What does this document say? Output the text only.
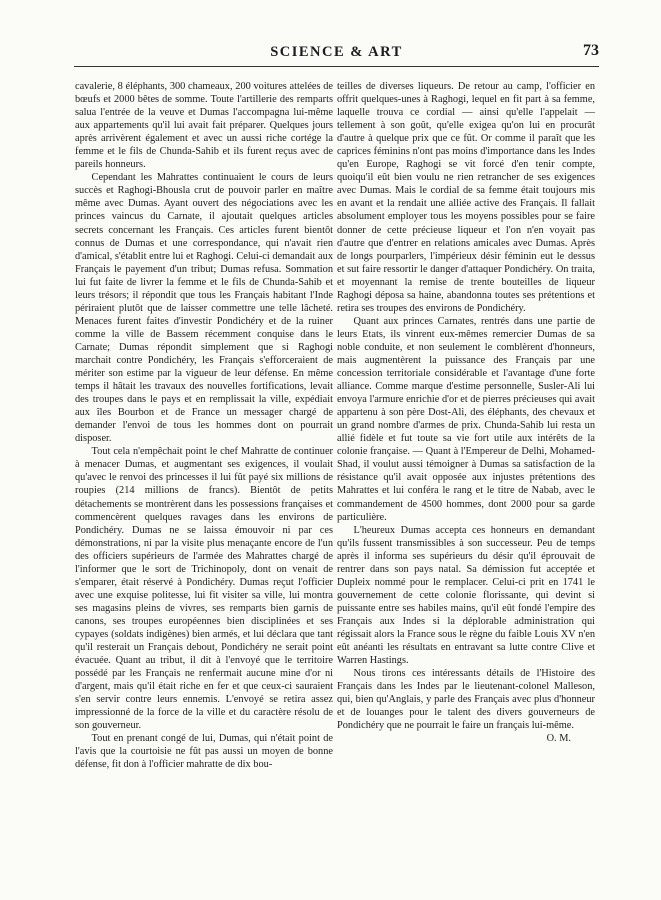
SCIENCE & ART	73

cavalerie, 8 éléphants, 300 chameaux, 200 voitures attelées de bœufs et 2000 bêtes de somme. Toute l'artillerie des remparts salua l'entrée de la veuve et Dumas l'accompagna lui-même aux appartements qu'il lui avait fait préparer. Quelques jours après arrivèrent également et avec un aussi riche cortége la femme et le fils de Chunda-Sahib et ils furent reçus avec de pareils honneurs.

Cependant les Mahrattes continuaient le cours de leurs succès et Raghogi-Bhousla crut de pouvoir parler en maître même avec Dumas. Ayant ouvert des négociations avec les princes vaincus du Carnate, il ajoutait quelques articles secrets concernant les Français. Ces articles furent bientôt connus de Dumas et une correspondance, qui n'avait rien d'amical, s'établit entre lui et Raghogi. Celui-ci demandait aux Français le payement d'un tribut; Dumas refusa. Sommation lui fut faite de livrer la femme et le fils de Chunda-Sahib et leurs trésors; il répondit que tous les Français habitant l'Inde périraient plutôt que de laisser commettre une telle lâcheté. Menaces furent faites d'investir Pondichéry et de la ruiner comme la ville de Bassem récemment conquise dans le Carnate; Dumas répondit simplement que si Raghogi marchait contre Pondichéry, les Français s'efforceraient de mériter son estime par la vigueur de leur défense. En même temps il hâtait les travaux des nouvelles fortifications, levait des troupes dans le pays et en remplissait la ville, expédiait aux îles Bourbon et de France un messager chargé de demander l'envoi de tous les hommes dont on pourrait disposer.

Tout cela n'empêchait point le chef Mahratte de continuer à menacer Dumas, et augmentant ses exigences, il voulait qu'avec le renvoi des princesses il lui fût payé six millions de roupies (214 millions de francs). Bientôt de petits détachements se montrèrent dans les possessions françaises et commencèrent quelques ravages dans les environs de Pondichéry. Dumas ne se laissa émouvoir ni par ces démonstrations, ni par la visite plus menaçante encore de l'un des officiers supérieurs de l'armée des Mahrattes chargé de l'informer que le sort de Trichinopoly, dont on venait de s'emparer, était réservé à Pondichéry. Dumas reçut l'officier avec une exquise politesse, lui fit visiter sa ville, lui montra ses magasins pleins de vivres, ses remparts bien garnis de canons, ses troupes européennes bien disciplinées et ses cypayes (soldats indigènes) bien armés, et lui déclara que tant qu'il resterait un Français debout, Pondichéry ne serait point évacuée. Quant au tribut, il dit à l'envoyé que le territoire possédé par les Français ne renfermait aucune mine d'or ni d'argent, mais qu'il était riche en fer et que ceux-ci sauraient s'en servir contre leurs ennemis. L'envoyé se retira assez impressionné de la force de la ville et du caractère résolu de son gouverneur.

Tout en prenant congé de lui, Dumas, qui n'était point de l'avis que la courtoisie ne fût pas aussi un moyen de bonne défense, fit don à l'officier mahratte de dix bou-

teilles de diverses liqueurs. De retour au camp, l'officier en offrit quelques-unes à Raghogi, lequel en fit part à sa femme, laquelle trouva ce cordial — ainsi qu'elle l'appelait — tellement à son goût, qu'elle exigea qu'on lui en procurât d'autre à quelque prix que ce fût. Or comme il paraît que les caprices féminins n'ont pas moins d'importance dans les Indes qu'en Europe, Raghogi se vit forcé d'en tenir compte, quoiqu'il eût bien voulu ne rien retrancher de ses exigences avec Dumas. Mais le cordial de sa femme était toujours mis en avant et la rendait une alliée active des Français. Il fallait absolument employer tous les moyens possibles pour se faire donner de cette précieuse liqueur et l'on n'en voyait pas d'autre que d'entrer en relations amicales avec Dumas. Après de longs pourparlers, l'impérieux désir féminin eut le dessus et sut faire ressortir le danger d'attaquer Pondichéry. On traita, et moyennant la remise de trente bouteilles de liqueur Raghogi déposa sa haine, abandonna toutes ses prétentions et retira ses troupes des environs de Pondichéry.

Quant aux princes Carnates, rentrés dans une partie de leurs Etats, ils vinrent eux-mêmes remercier Dumas de sa noble conduite, et non seulement le comblèrent d'honneurs, mais augmentèrent la puissance des Français par une concession territoriale considérable et l'avantage d'une forte alliance. Comme marque d'estime personnelle, Susler-Ali lui envoya l'armure enrichie d'or et de pierres précieuses qui avait appartenu à son père Dost-Ali, des éléphants, des chevaux et un grand nombre d'armes de prix. Chunda-Sahib lui resta un allié fidèle et fut toute sa vie fort utile aux intérêts de la colonie française. — Quant à l'Empereur de Delhi, Mohamed-Shad, il voulut aussi témoigner à Dumas sa satisfaction de la résistance qu'il avait opposée aux injustes prétentions des Mahrattes et lui conféra le rang et le titre de Nabab, avec le commandement de 4500 hommes, dont 2000 pour sa garde particulière.

L'heureux Dumas accepta ces honneurs en demandant qu'ils fussent transmissibles à son successeur. Peu de temps après il informa ses supérieurs du désir qu'il éprouvait de rentrer dans son pays natal. Sa démission fut acceptée et Dupleix nommé pour le remplacer. Celui-ci prit en 1741 le gouvernement de cette colonie florissante, qui devint si puissante entre ses habiles mains, qu'il eût fondé l'empire des Français aux Indes si la déplorable administration qui régissait alors la France sous le règne du faible Louis XV n'en eût anéanti les résultats en entravant sa lutte contre Clive et Warren Hastings.

Nous tirons ces intéressants détails de l'Histoire des Français dans les Indes par le lieutenant-colonel Malleson, qui, bien qu'Anglais, y parle des Français avec plus d'honneur et de louanges pour le talent des divers gouverneurs de Pondichéry que ne pourrait le faire un français lui-même.

O. M.
